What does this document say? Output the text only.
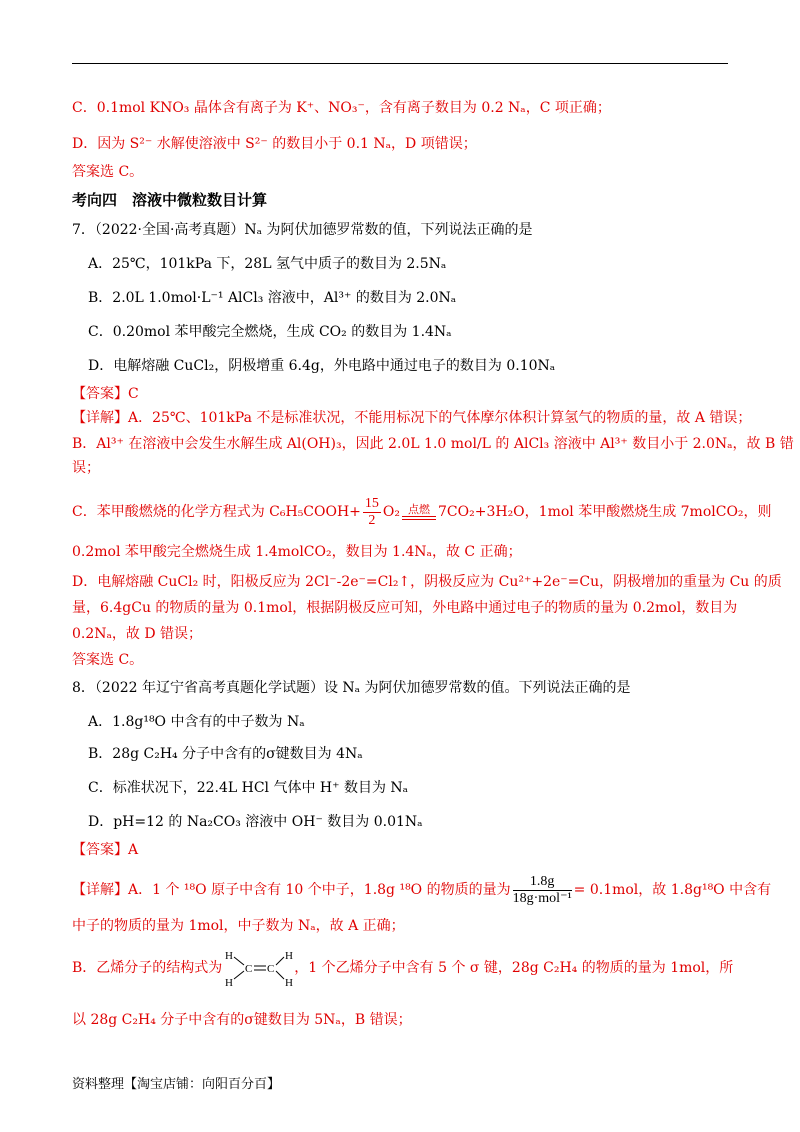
C．0.1mol KNO₃ 晶体含有离子为 K⁺、NO₃⁻，含有离子数目为 0.2 Nₐ，C 项正确；
D．因为 S²⁻ 水解使溶液中 S²⁻ 的数目小于 0.1 Nₐ，D 项错误；
答案选 C。
考向四　溶液中微粒数目计算
7．（2022·全国·高考真题）Nₐ 为阿伏加德罗常数的值，下列说法正确的是
A．25℃，101kPa 下，28L 氢气中质子的数目为 2.5Nₐ
B．2.0L 1.0mol·L⁻¹ AlCl₃ 溶液中，Al³⁺ 的数目为 2.0Nₐ
C．0.20mol 苯甲酸完全燃烧，生成 CO₂ 的数目为 1.4Nₐ
D．电解熔融 CuCl₂，阴极增重 6.4g，外电路中通过电子的数目为 0.10Nₐ
【答案】C
【详解】A．25℃、101kPa 不是标准状况，不能用标况下的气体摩尔体积计算氢气的物质的量，故 A 错误；
B．Al³⁺ 在溶液中会发生水解生成 Al(OH)₃，因此 2.0L 1.0 mol/L 的 AlCl₃ 溶液中 Al³⁺ 数目小于 2.0Nₐ，故 B 错
误；
C．苯甲酸燃烧的化学方程式为 C₆H₅COOH+ $\frac{15}{2} O_2$ 点燃 7CO₂+3H₂O，1mol 苯甲酸燃烧生成 7molCO₂，则
0.2mol 苯甲酸完全燃烧生成 1.4molCO₂，数目为 1.4Nₐ，故 C 正确；
D．电解熔融 CuCl₂ 时，阳极反应为 2Cl⁻-2e⁻=Cl₂↑，阴极反应为 Cu²⁺+2e⁻=Cu，阴极增加的重量为 Cu 的质
量，6.4gCu 的物质的量为 0.1mol，根据阴极反应可知，外电路中通过电子的物质的量为 0.2mol，数目为
0.2Nₐ，故 D 错误；
答案选 C。
8．（2022 年辽宁省高考真题化学试题）设 Nₐ 为阿伏加德罗常数的值。下列说法正确的是
A．1.8g¹⁸O 中含有的中子数为 Nₐ
B．28g C₂H₄ 分子中含有的σ键数目为 4Nₐ
C．标准状况下，22.4L HCl 气体中 H⁺ 数目为 Nₐ
D．pH=12 的 Na₂CO₃ 溶液中 OH⁻ 数目为 0.01Nₐ
【答案】A
【详解】A．1 个 ¹⁸O 原子中含有 10 个中子，1.8g ¹⁸O 的物质的量为 $\frac{1.8g}{\text{18g·mol⁻¹}} = 0.1mol$，故 1.8g¹⁸O 中含有
中子的物质的量为 1mol，中子数为 Nₐ，故 A 正确；
B．乙烯分子的结构式为
H
H
C C
H
H
，1 个乙烯分子中含有 5 个 σ 键，28g C₂H₄ 的物质的量为 1mol，所
以 28g C₂H₄ 分子中含有的σ键数目为 5Nₐ，B 错误；
资料整理【淘宝店铺：向阳百分百】
